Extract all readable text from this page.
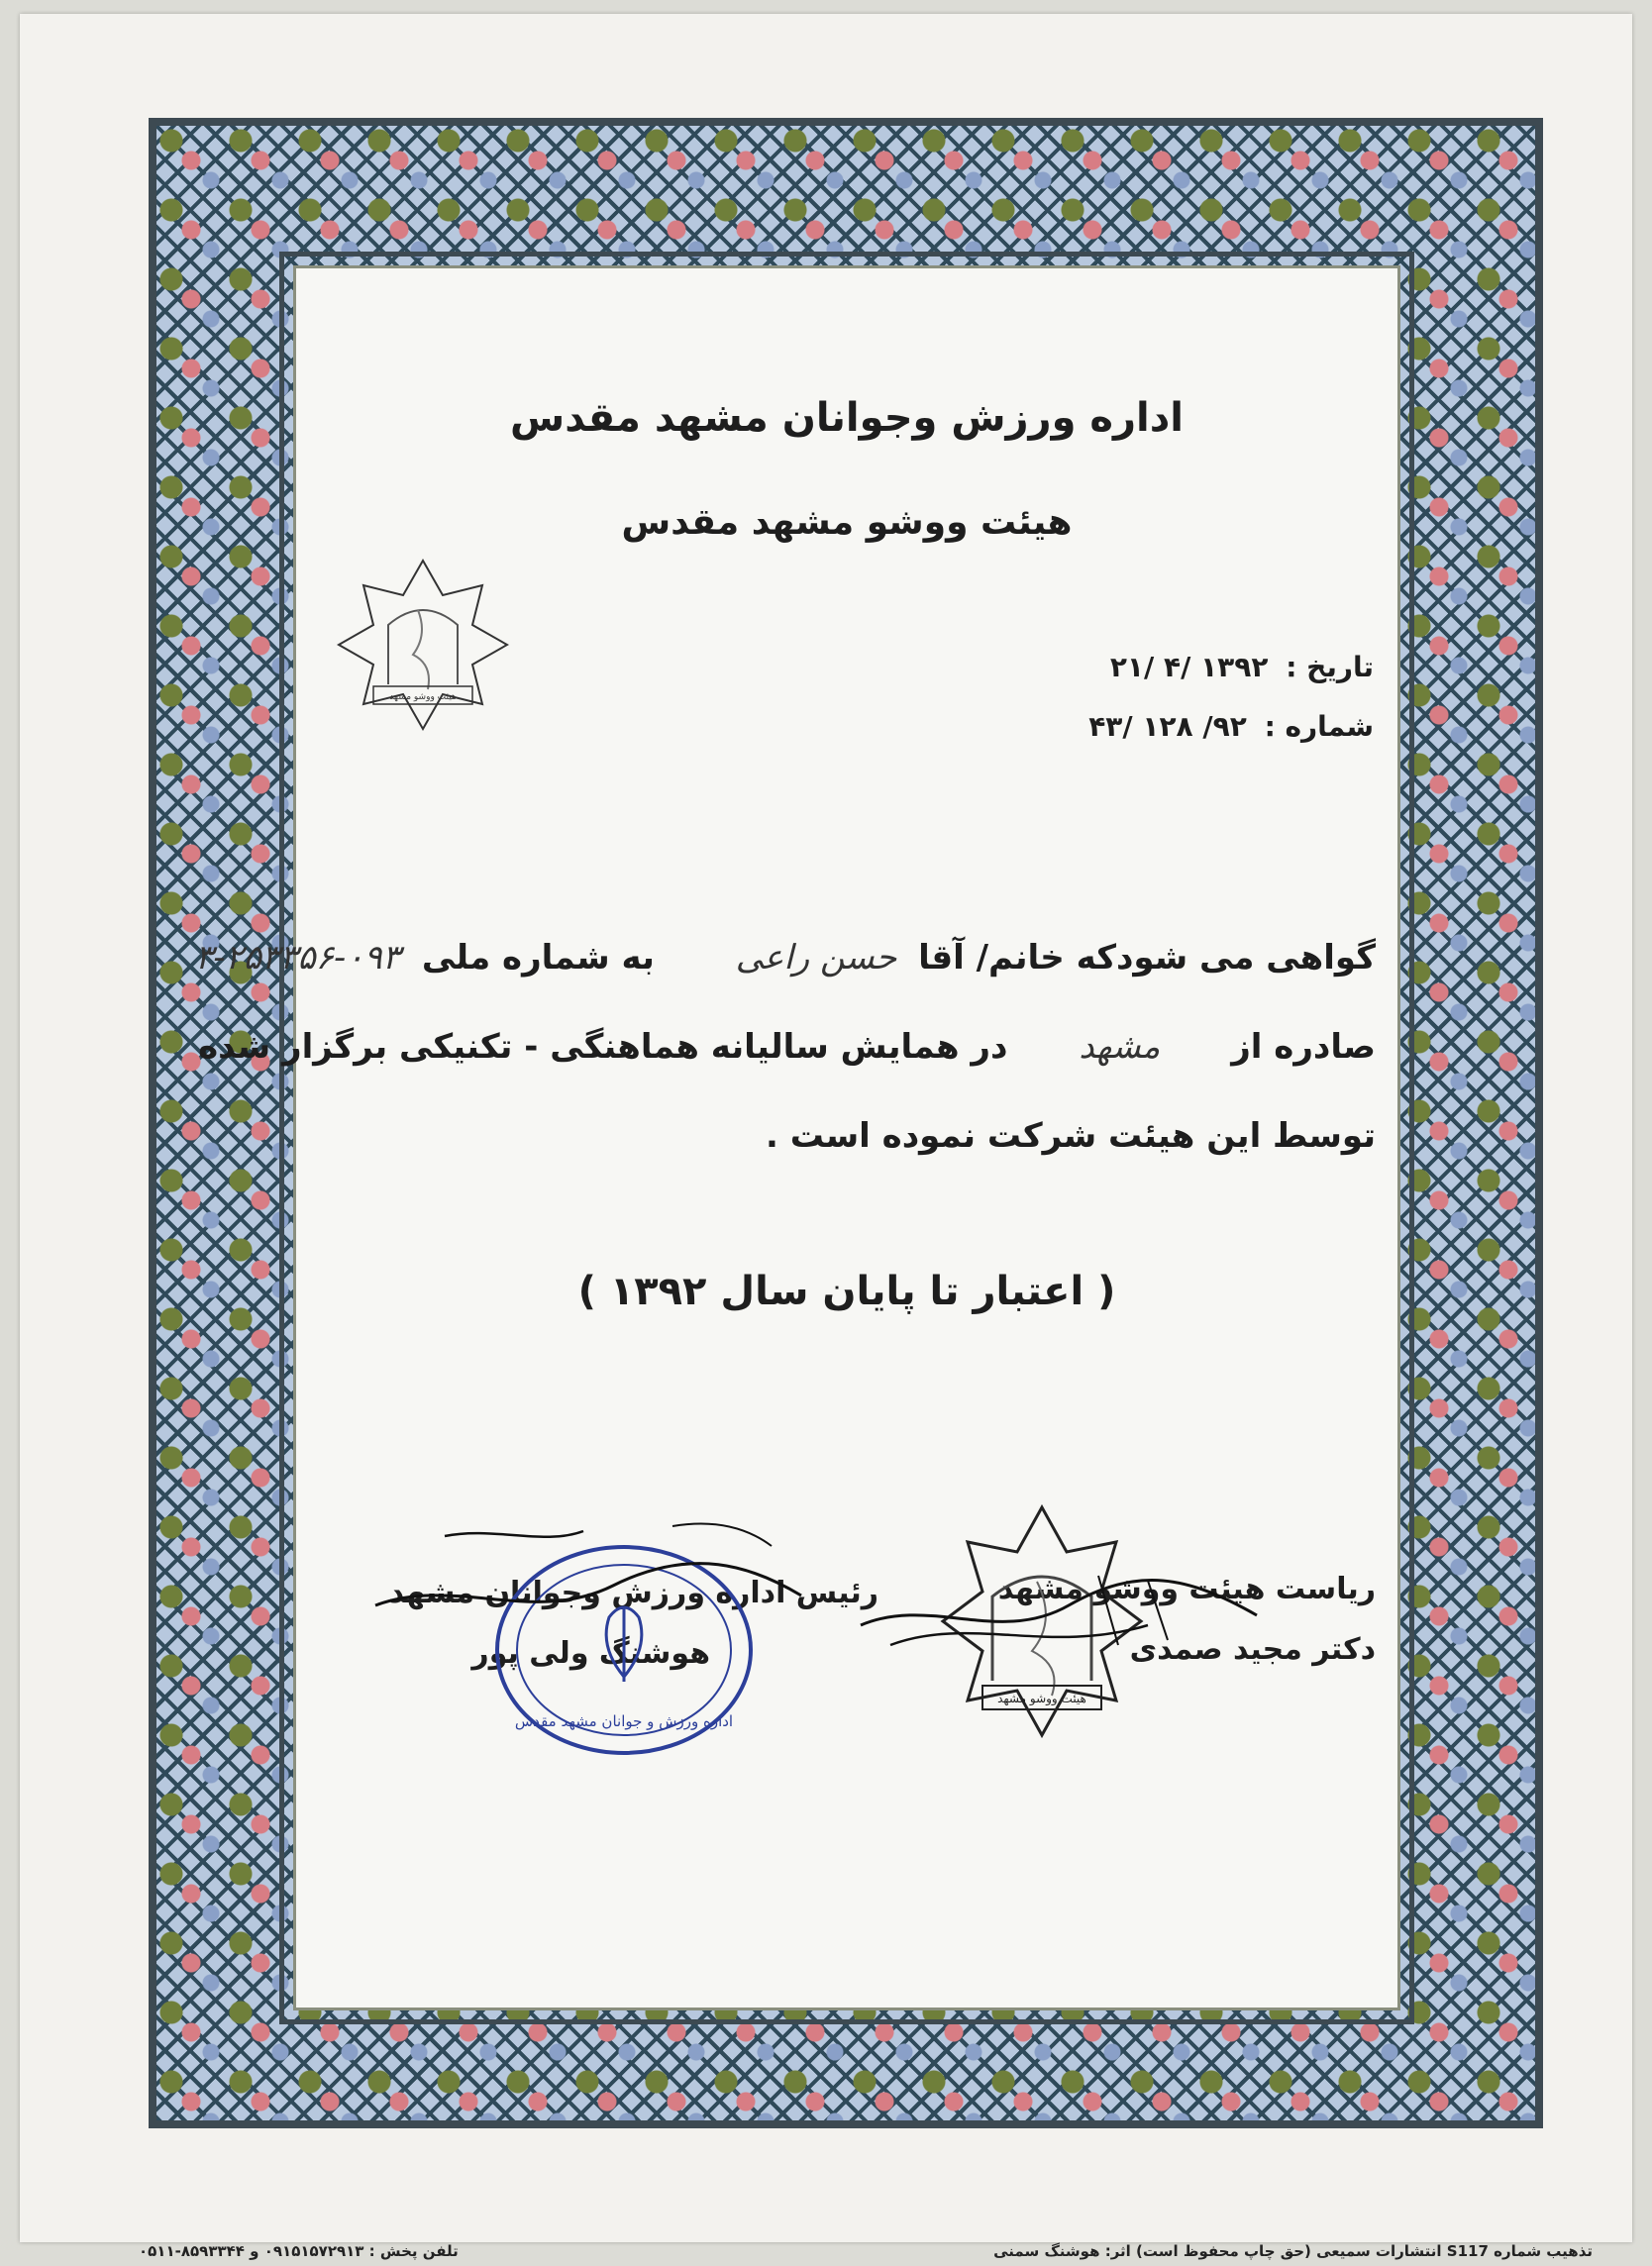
اداره ورزش وجوانان مشهد مقدس
هیئت ووشو مشهد مقدس
هیئت ووشو مشهد
تاریخ : ۱۳۹۲ /۴ /۲۱
شماره : ۹۲/ ۱۲۸ /۴۳
گواهی می شودکه خانم/ آقا حسن راعی به شماره ملی ۰۹۳-۲۵۳۳۵۶-۳
صادره از مشهد در همایش سالیانه هماهنگی - تکنیکی برگزار شده
توسط این هیئت شرکت نموده است .
( اعتبار تا پایان سال ۱۳۹۲ )
ریاست هیئت ووشو مشهد
دکتر مجید صمدی
هیئت ووشو مشهد
رئیس اداره ورزش وجوانان مشهد
هوشنگ ولی پور
اداره ورزش و جوانان مشهد مقدس
تذهیب شماره S117 انتشارات سمیعی (حق چاپ محفوظ است) اثر: هوشنگ سمنی
تلفن پخش : ۰۹۱۵۱۵۷۲۹۱۳ و ۸۵۹۳۳۴۴-۰۵۱۱
